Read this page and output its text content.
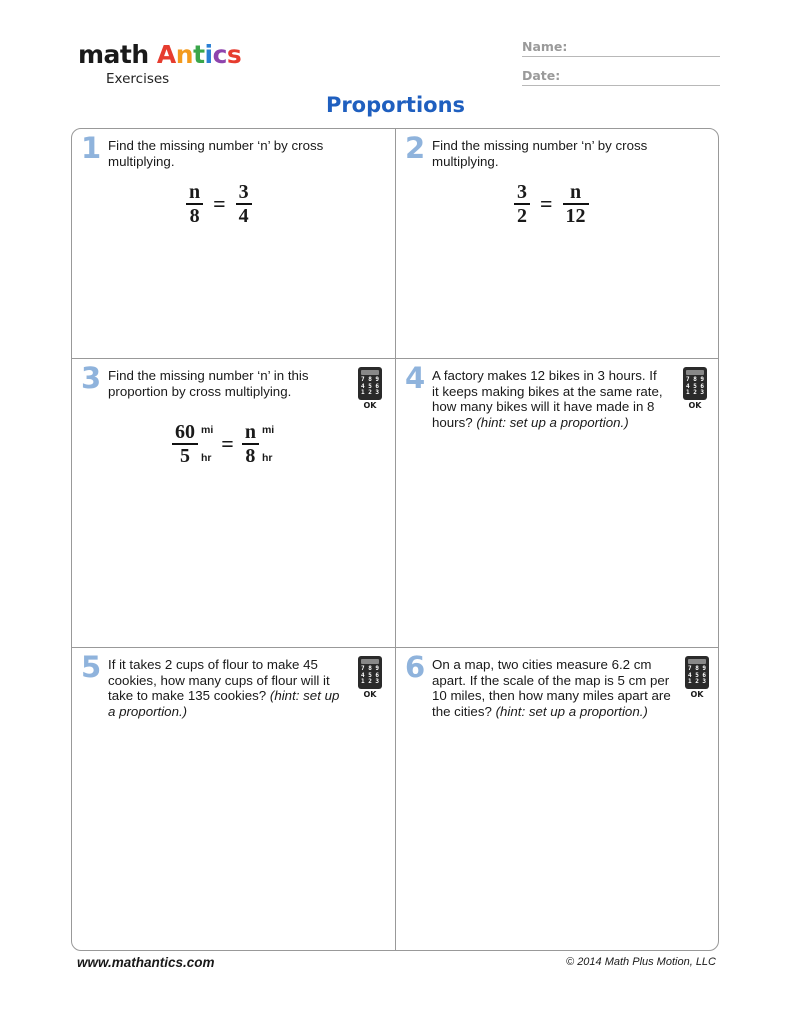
math Antics
Exercises
Name:
Date:
Proportions
1 Find the missing number ‘n’ by cross multiplying.
$\frac{n}{8} = \frac{3}{4}$
2 Find the missing number ‘n’ by cross multiplying.
$\frac{3}{2} = \frac{n}{12}$
3 Find the missing number ‘n’ in this proportion by cross multiplying.
7 8 9
4 5 6
1 2 3
OK
$\frac{60}{5}$ mi
hr
= $\frac{n}{8}$ mi
hr
4 A factory makes 12 bikes in 3 hours. If it keeps making bikes at the same rate, how many bikes will it have made in 8 hours? (hint: set up a proportion.)
7 8 9
4 5 6
1 2 3
OK
5 If it takes 2 cups of flour to make 45 cookies, how many cups of flour will it take to make 135 cookies? (hint: set up a proportion.)
7 8 9
4 5 6
1 2 3
OK
6 On a map, two cities measure 6.2 cm apart. If the scale of the map is 5 cm per 10 miles, then how many miles apart are the cities? (hint: set up a proportion.)
7 8 9
4 5 6
1 2 3
OK
www.mathantics.com	© 2014 Math Plus Motion, LLC
